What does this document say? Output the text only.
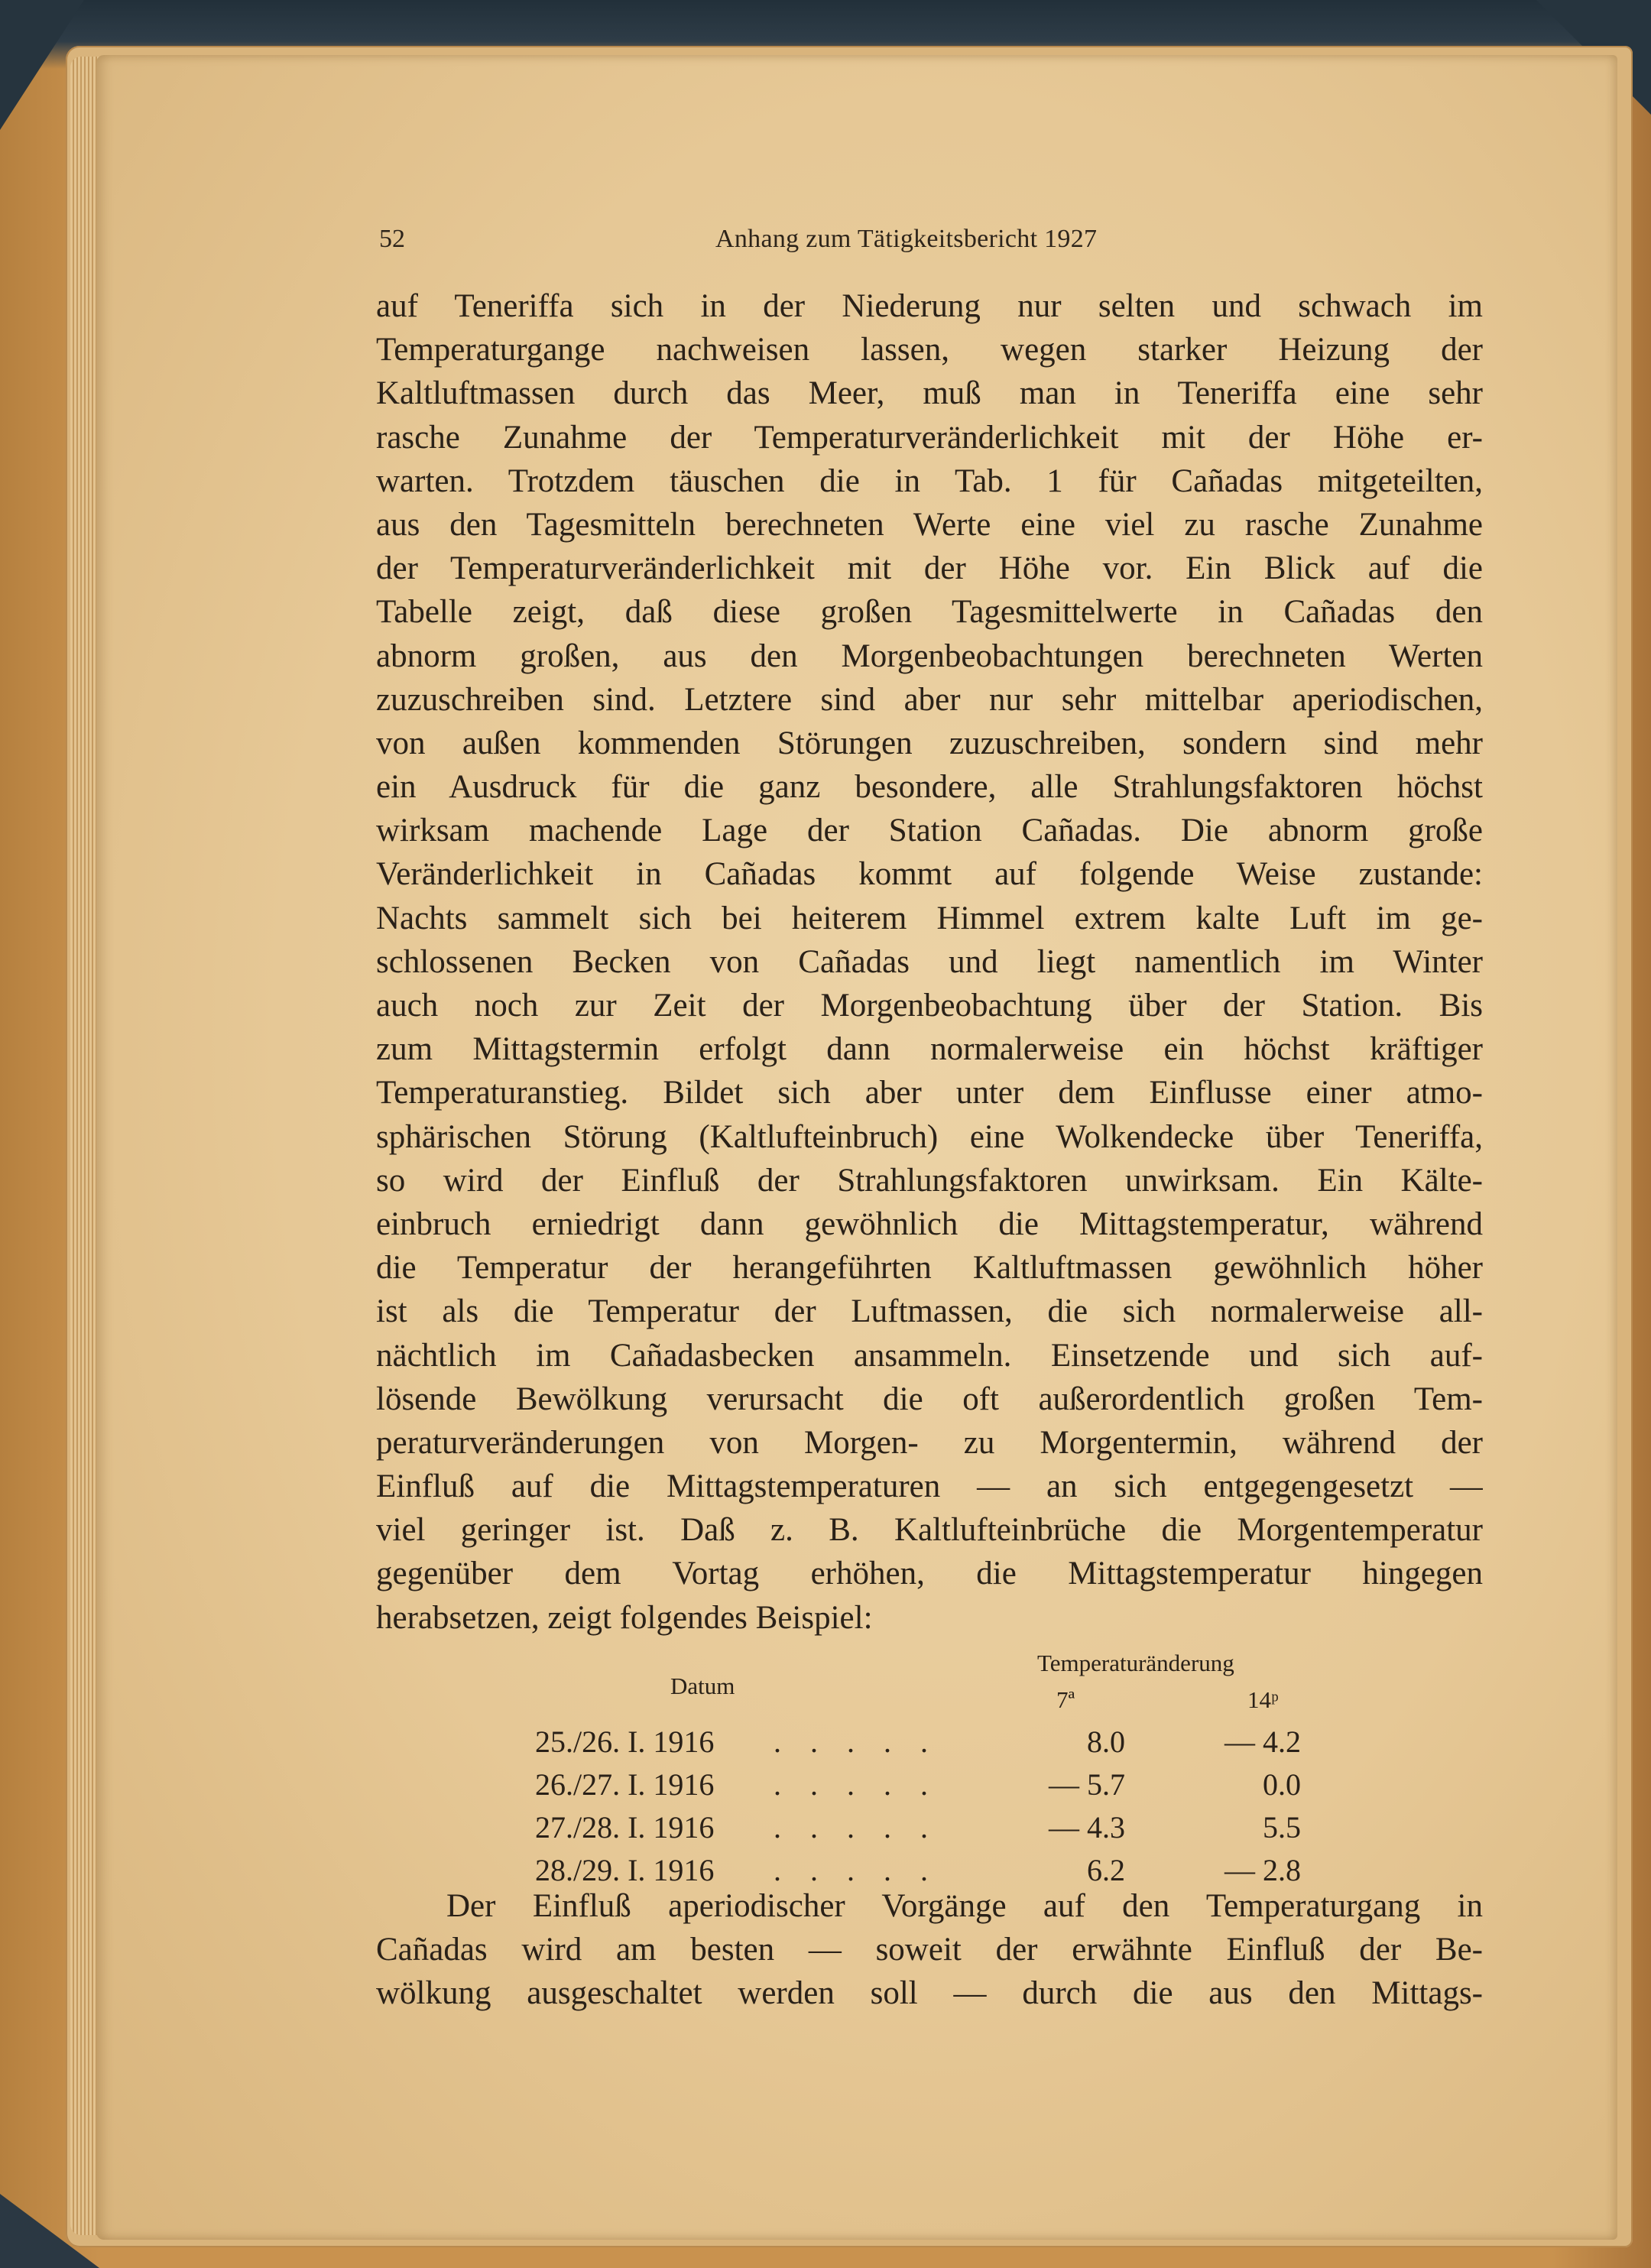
52	Anhang zum Tätigkeitsbericht 1927
auf Teneriffa sich in der Niederung nur selten und schwach im
Temperaturgange nachweisen lassen, wegen starker Heizung der
Kaltluftmassen durch das Meer, muß man in Teneriffa eine sehr
rasche Zunahme der Temperaturveränderlichkeit mit der Höhe er-
warten. Trotzdem täuschen die in Tab. 1 für Cañadas mitgeteilten,
aus den Tagesmitteln berechneten Werte eine viel zu rasche Zunahme
der Temperaturveränderlichkeit mit der Höhe vor. Ein Blick auf die
Tabelle zeigt, daß diese großen Tagesmittelwerte in Cañadas den
abnorm großen, aus den Morgenbeobachtungen berechneten Werten
zuzuschreiben sind. Letztere sind aber nur sehr mittelbar aperiodischen,
von außen kommenden Störungen zuzuschreiben, sondern sind mehr
ein Ausdruck für die ganz besondere, alle Strahlungsfaktoren höchst
wirksam machende Lage der Station Cañadas. Die abnorm große
Veränderlichkeit in Cañadas kommt auf folgende Weise zustande:
Nachts sammelt sich bei heiterem Himmel extrem kalte Luft im ge-
schlossenen Becken von Cañadas und liegt namentlich im Winter
auch noch zur Zeit der Morgenbeobachtung über der Station. Bis
zum Mittagstermin erfolgt dann normalerweise ein höchst kräftiger
Temperaturanstieg. Bildet sich aber unter dem Einflusse einer atmo-
sphärischen Störung (Kaltlufteinbruch) eine Wolkendecke über Teneriffa,
so wird der Einfluß der Strahlungsfaktoren unwirksam. Ein Kälte-
einbruch erniedrigt dann gewöhnlich die Mittagstemperatur, während
die Temperatur der herangeführten Kaltluftmassen gewöhnlich höher
ist als die Temperatur der Luftmassen, die sich normalerweise all-
nächtlich im Cañadasbecken ansammeln. Einsetzende und sich auf-
lösende Bewölkung verursacht die oft außerordentlich großen Tem-
peraturveränderungen von Morgen- zu Morgentermin, während der
Einfluß auf die Mittagstemperaturen — an sich entgegengesetzt —
viel geringer ist. Daß z. B. Kaltlufteinbrüche die Morgentemperatur
gegenüber dem Vortag erhöhen, die Mittagstemperatur hingegen
herabsetzen, zeigt folgendes Beispiel:
Datum
Temperaturänderung
7ª	14ᵖ
25./26. I. 1916 . . . . .	8.0	— 4.2
26./27. I. 1916 . . . . .	— 5.7	0.0
27./28. I. 1916 . . . . .	— 4.3	5.5
28./29. I. 1916 . . . . .	6.2	— 2.8
Der Einfluß aperiodischer Vorgänge auf den Temperaturgang in
Cañadas wird am besten — soweit der erwähnte Einfluß der Be-
wölkung ausgeschaltet werden soll — durch die aus den Mittags-
